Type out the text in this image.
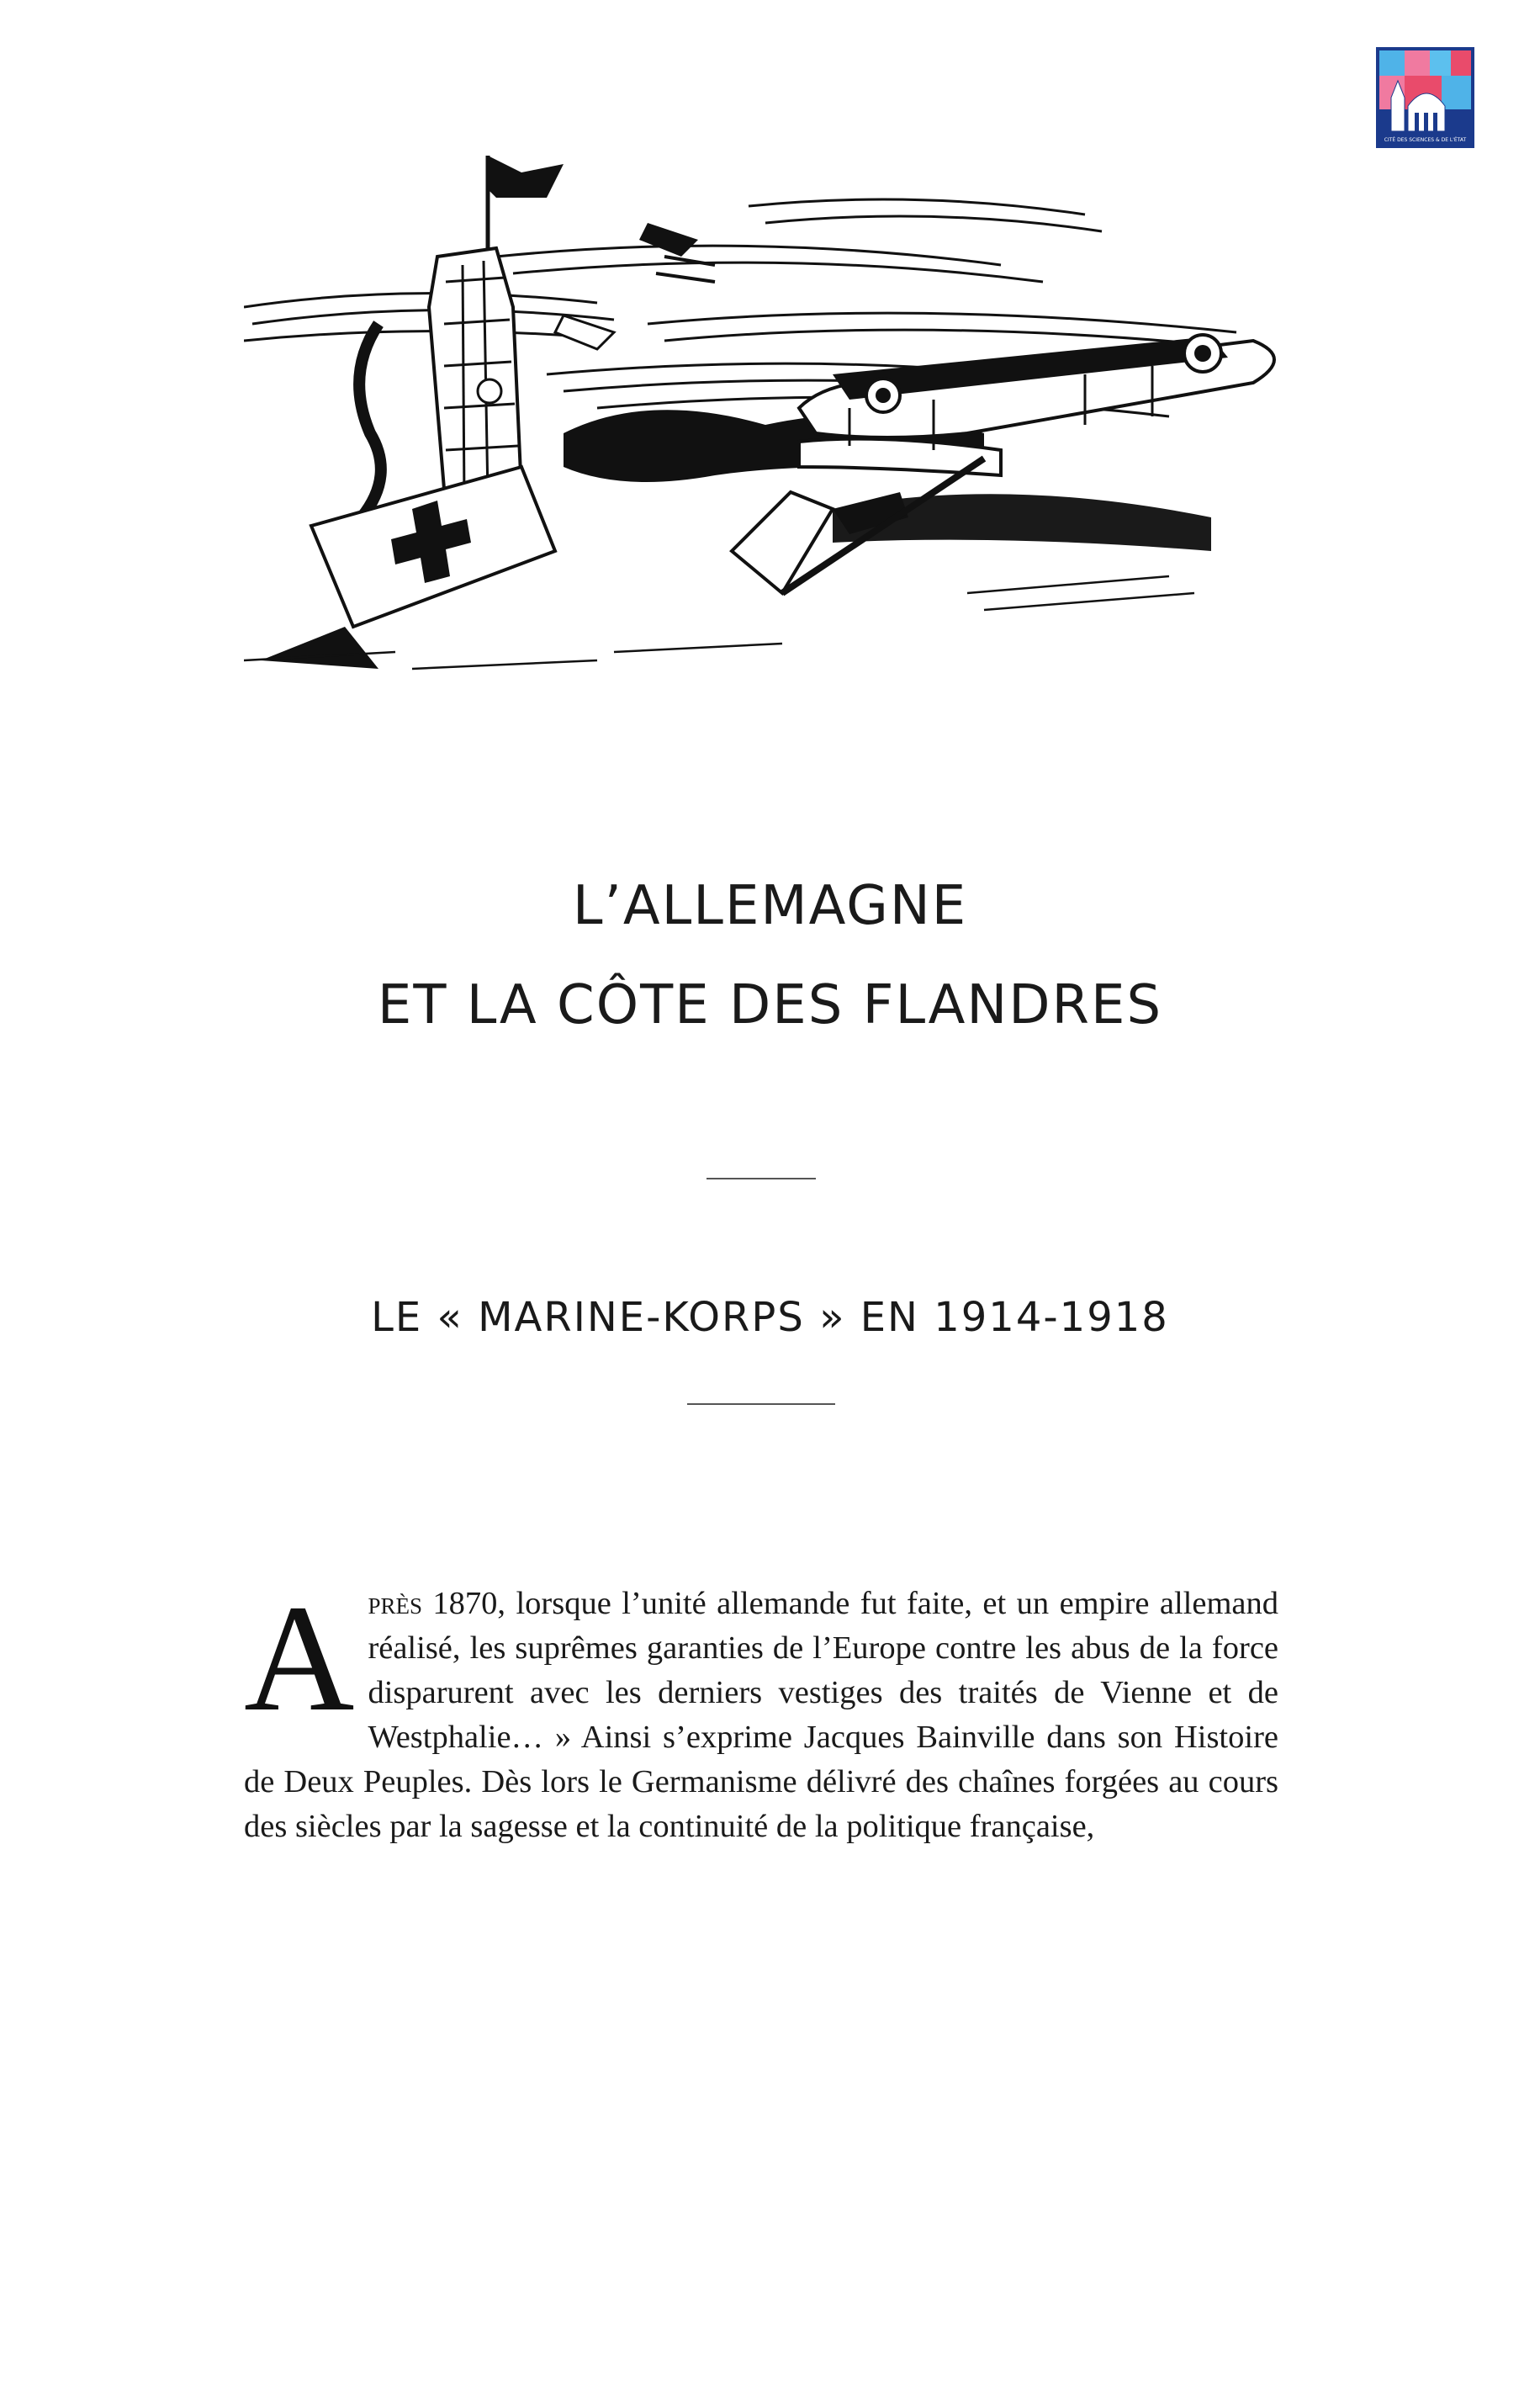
CITÉ DES SCIENCES & DE L'ÉTAT
L’ALLEMAGNE
ET LA CÔTE DES FLANDRES
LE « MARINE-KORPS » EN 1914-1918

Après 1870, lorsque l’unité allemande fut faite, et un empire allemand réalisé, les suprêmes garanties de l’Europe contre les abus de la force disparurent avec les derniers vestiges des traités de Vienne et de Westphalie… » Ainsi s’exprime Jacques Bainville dans son Histoire de Deux Peuples. Dès lors le Germanisme délivré des chaînes forgées au cours des siècles par la sagesse et la continuité de la politique française,
